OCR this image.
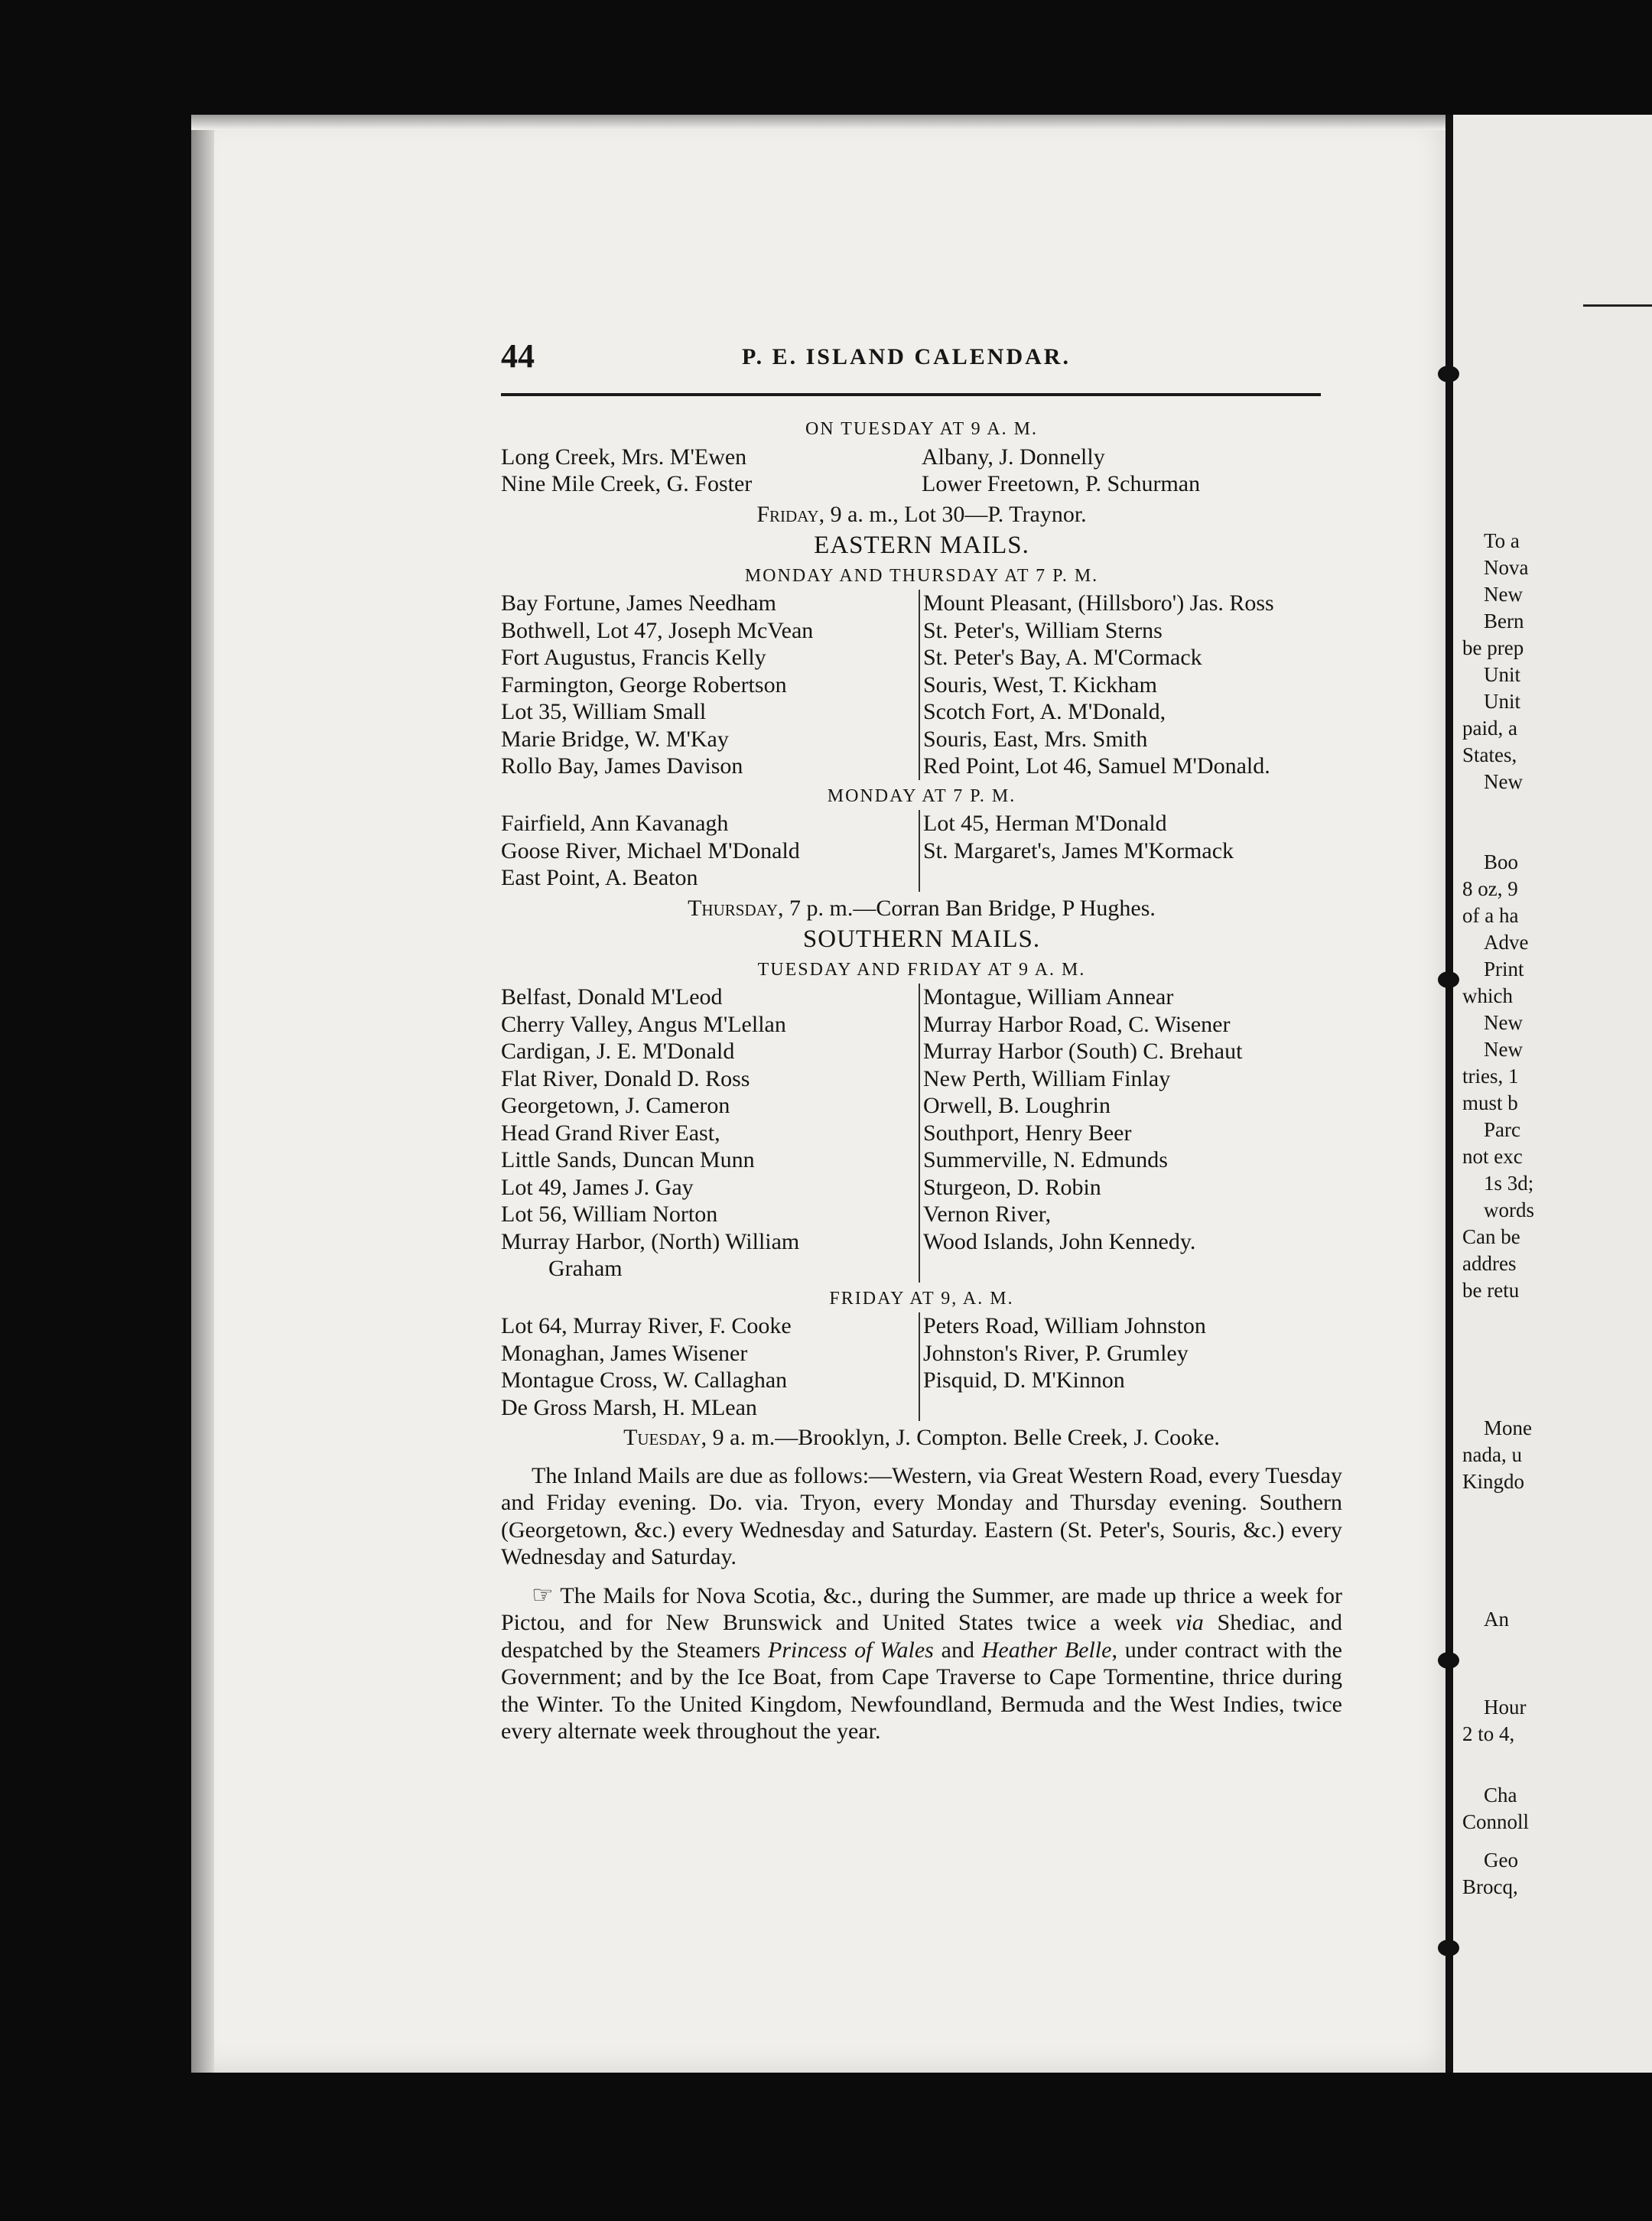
To a
Nova
New
Bern
be prep
Unit
Unit
paid, a
States,
New
Boo
8 oz, 9
of a ha
Adve
Print
which
New
New
tries, 1
must b
Parc
not exc
1s 3d;
words
Can be
addres
be retu
Mone
nada, u
Kingdo
An
Hour
2 to 4,
Cha
Connoll
Geo
Brocq,
44	P. E. ISLAND CALENDAR.
ON TUESDAY AT 9 A. M.
Long Creek, Mrs. M'Ewen
Nine Mile Creek, G. Foster
Albany, J. Donnelly
Lower Freetown, P. Schurman
Friday, 9 a. m., Lot 30—P. Traynor.
EASTERN MAILS.
MONDAY AND THURSDAY AT 7 P. M.
Bay Fortune, James Needham
Bothwell, Lot 47, Joseph McVean
Fort Augustus, Francis Kelly
Farmington, George Robertson
Lot 35, William Small
Marie Bridge, W. M'Kay
Rollo Bay, James Davison
Mount Pleasant, (Hillsboro') Jas. Ross
St. Peter's, William Sterns
St. Peter's Bay, A. M'Cormack
Souris, West, T. Kickham
Scotch Fort, A. M'Donald,
Souris, East, Mrs. Smith
Red Point, Lot 46, Samuel M'Donald.
MONDAY AT 7 P. M.
Fairfield, Ann Kavanagh
Goose River, Michael M'Donald
East Point, A. Beaton
Lot 45, Herman M'Donald
St. Margaret's, James M'Kormack
Thursday, 7 p. m.—Corran Ban Bridge, P Hughes.
SOUTHERN MAILS.
TUESDAY AND FRIDAY AT 9 A. M.
Belfast, Donald M'Leod
Cherry Valley, Angus M'Lellan
Cardigan, J. E. M'Donald
Flat River, Donald D. Ross
Georgetown, J. Cameron
Head Grand River East,
Little Sands, Duncan Munn
Lot 49, James J. Gay
Lot 56, William Norton
Murray Harbor, (North) William
Graham
Montague, William Annear
Murray Harbor Road, C. Wisener
Murray Harbor (South) C. Brehaut
New Perth, William Finlay
Orwell, B. Loughrin
Southport, Henry Beer
Summerville, N. Edmunds
Sturgeon, D. Robin
Vernon River,
Wood Islands, John Kennedy.
FRIDAY AT 9, A. M.
Lot 64, Murray River, F. Cooke
Monaghan, James Wisener
Montague Cross, W. Callaghan
De Gross Marsh, H. MLean
Peters Road, William Johnston
Johnston's River, P. Grumley
Pisquid, D. M'Kinnon
Tuesday, 9 a. m.—Brooklyn, J. Compton. Belle Creek, J. Cooke.

The Inland Mails are due as follows:—Western, via Great Western Road, every Tuesday and Friday evening. Do. via. Tryon, every Monday and Thursday evening. Southern (Georgetown, &c.) every Wednesday and Saturday. Eastern (St. Peter's, Souris, &c.) every Wednesday and Saturday.

☞ The Mails for Nova Scotia, &c., during the Summer, are made up thrice a week for Pictou, and for New Brunswick and United States twice a week via Shediac, and despatched by the Steamers Princess of Wales and Heather Belle, under contract with the Government; and by the Ice Boat, from Cape Traverse to Cape Tormentine, thrice during the Winter. To the United Kingdom, Newfoundland, Bermuda and the West Indies, twice every alternate week throughout the year.
